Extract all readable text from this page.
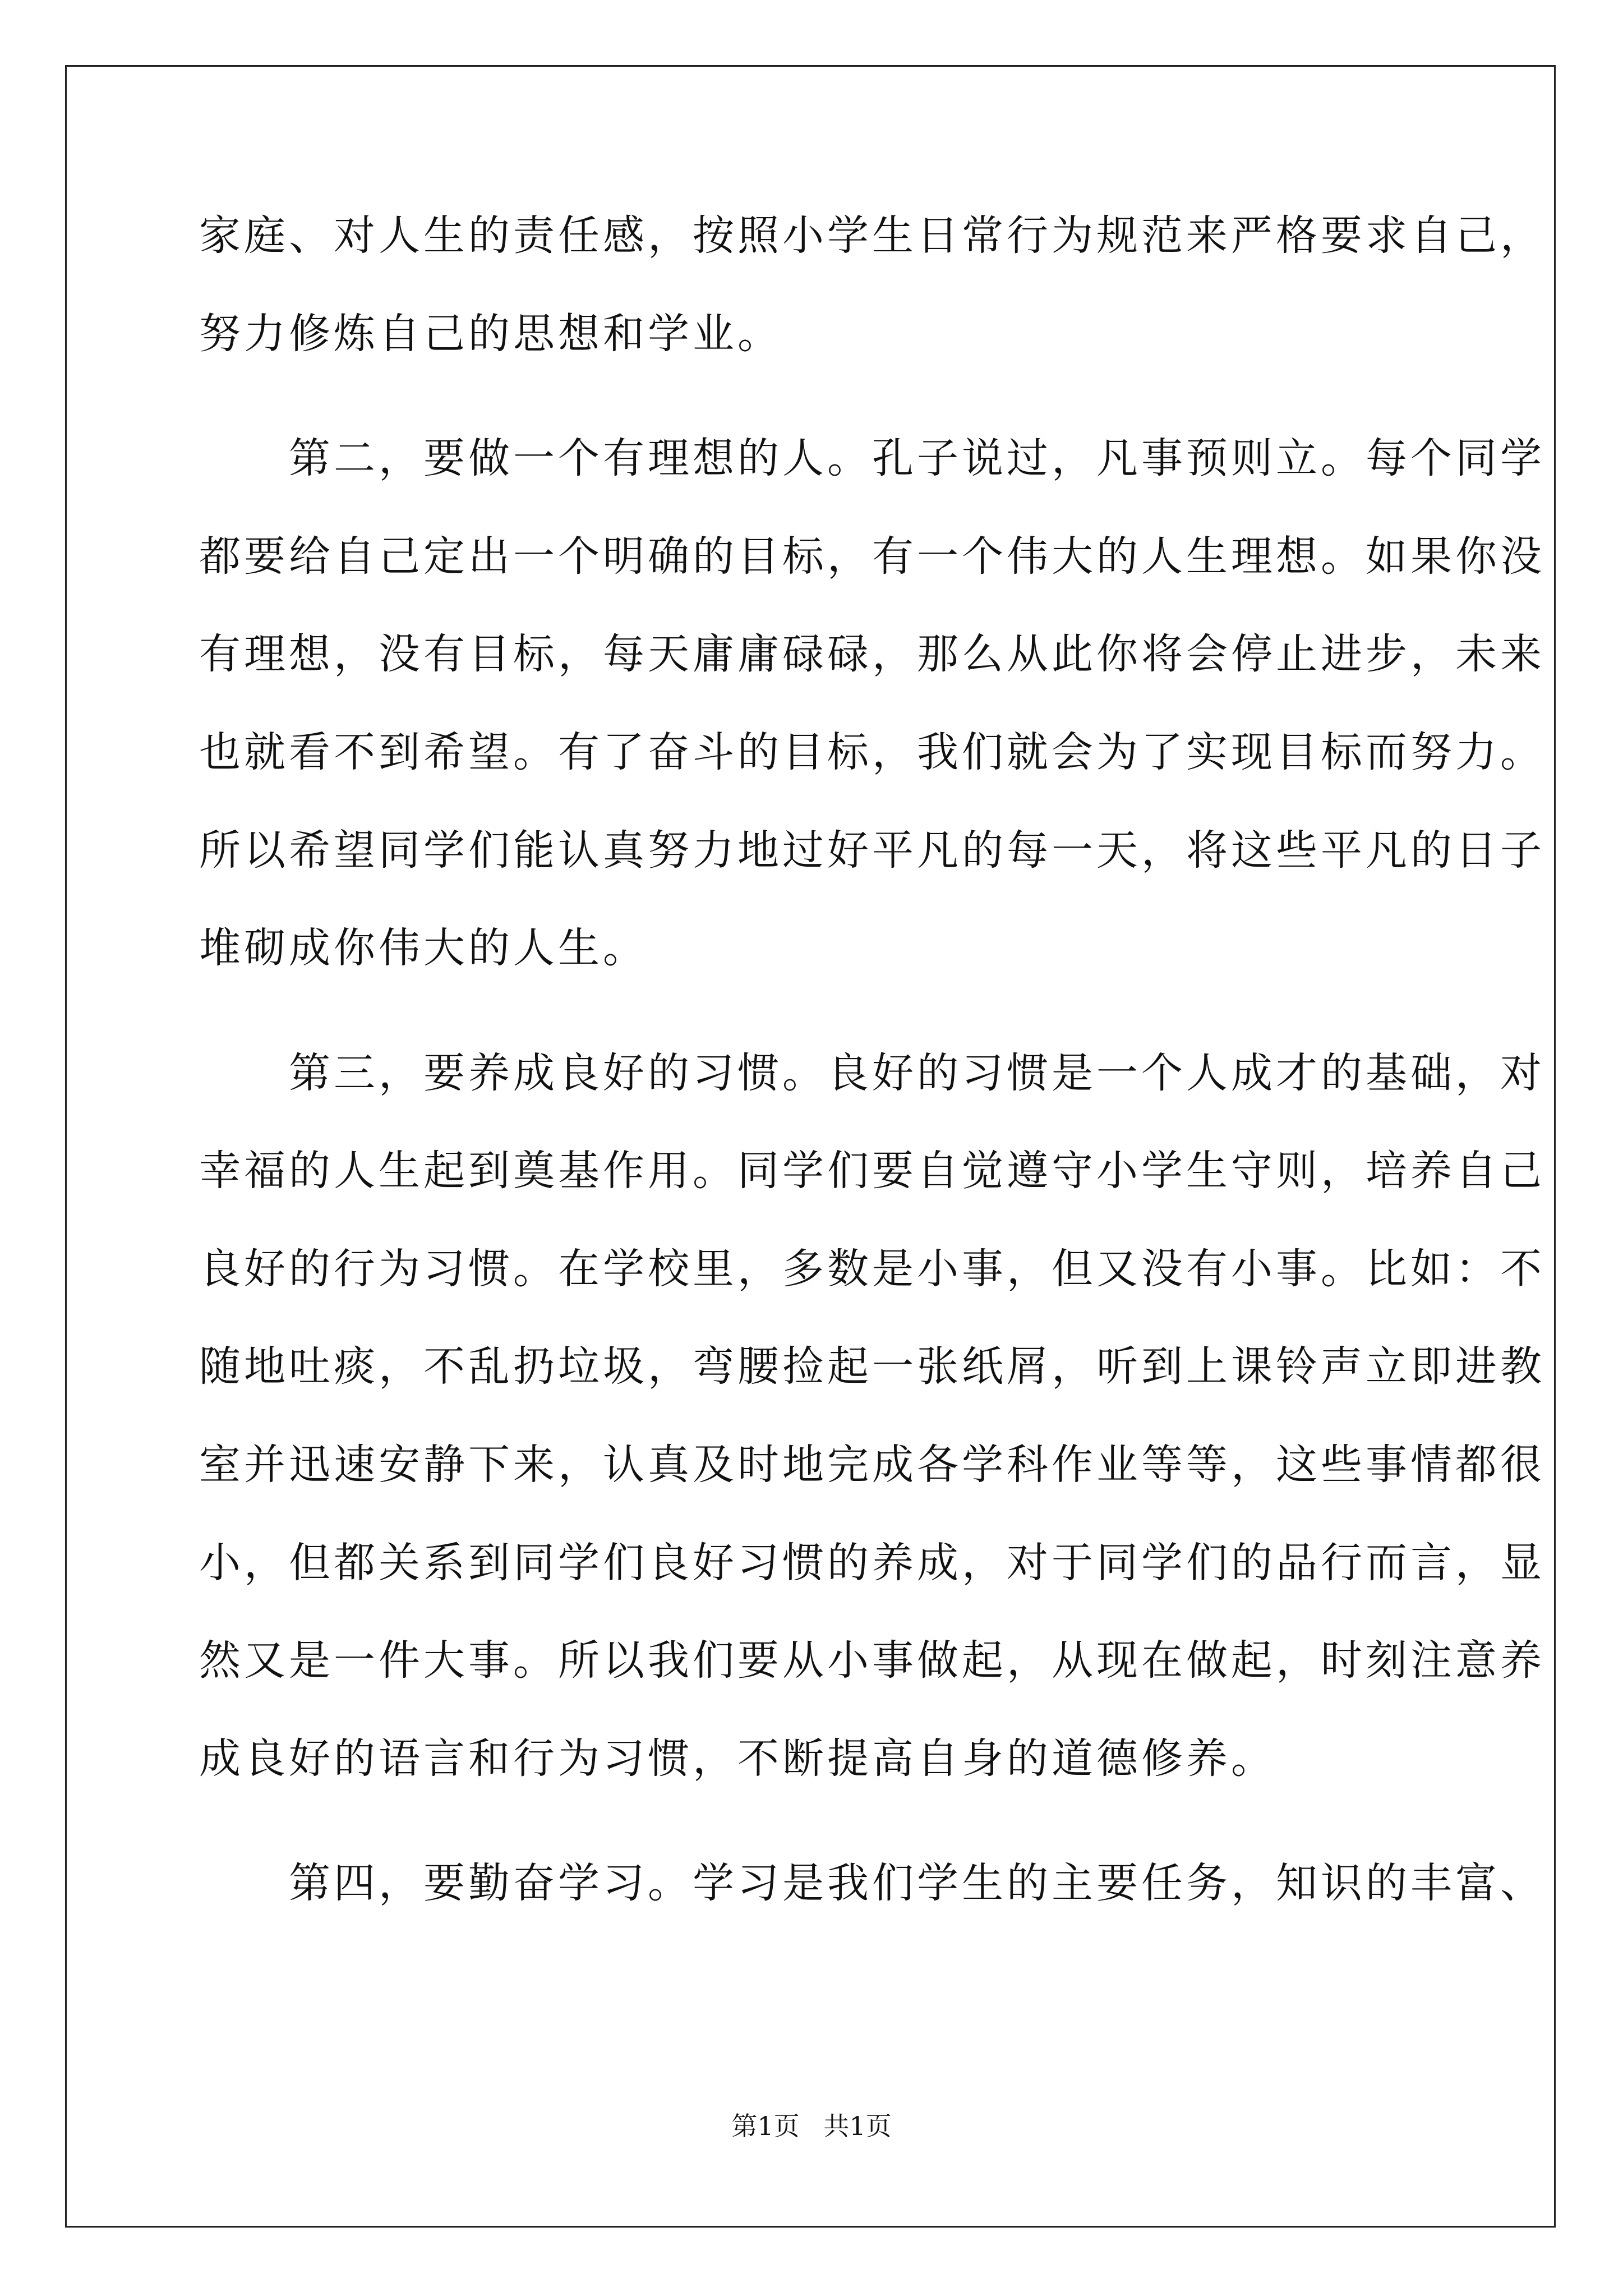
家庭、对人生的责任感，按照小学生日常行为规范来严格要求自己，
努力修炼自己的思想和学业。
　　第二，要做一个有理想的人。孔子说过，凡事预则立。每个同学
都要给自己定出一个明确的目标，有一个伟大的人生理想。如果你没
有理想，没有目标，每天庸庸碌碌，那么从此你将会停止进步，未来
也就看不到希望。有了奋斗的目标，我们就会为了实现目标而努力。
所以希望同学们能认真努力地过好平凡的每一天，将这些平凡的日子
堆砌成你伟大的人生。
　　第三，要养成良好的习惯。良好的习惯是一个人成才的基础，对
幸福的人生起到奠基作用。同学们要自觉遵守小学生守则，培养自己
良好的行为习惯。在学校里，多数是小事，但又没有小事。比如：不
随地吐痰，不乱扔垃圾，弯腰捡起一张纸屑，听到上课铃声立即进教
室并迅速安静下来，认真及时地完成各学科作业等等，这些事情都很
小，但都关系到同学们良好习惯的养成，对于同学们的品行而言，显
然又是一件大事。所以我们要从小事做起，从现在做起，时刻注意养
成良好的语言和行为习惯，不断提高自身的道德修养。
　　第四，要勤奋学习。学习是我们学生的主要任务，知识的丰富、
第1页 共1页
